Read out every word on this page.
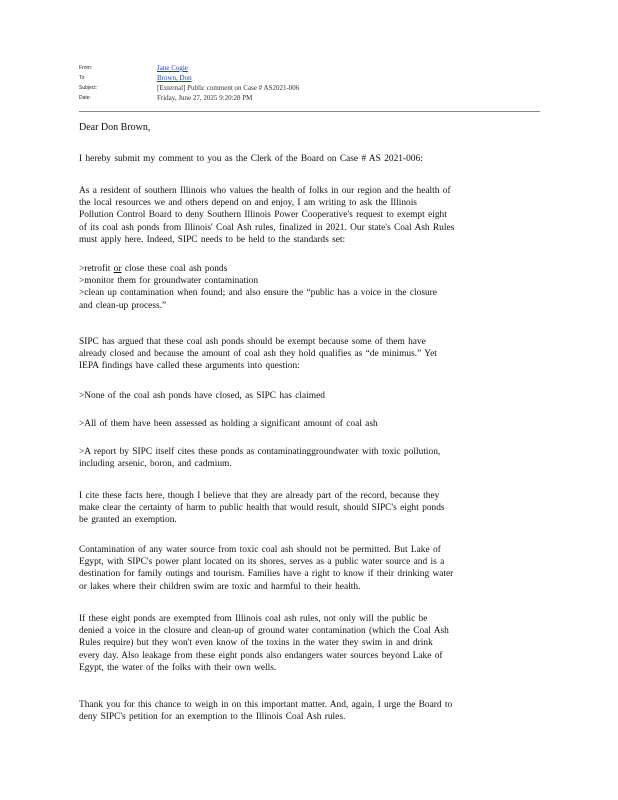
From:	Jane Cogie
To:	Brown, Don
Subject:	[External] Public comment on Case # AS2021-006
Date:	Friday, June 27, 2025 9:20:28 PM
Dear Don Brown,
I hereby submit my comment to you as the Clerk of the Board on Case # AS 2021-006:
As a resident of southern Illinois who values the health of folks in our region and the health of
the local resources we and others depend on and enjoy, I am writing to ask the Illinois
Pollution Control Board to deny Southern Illinois Power Cooperative's request to exempt eight
of its coal ash ponds from Illinois' Coal Ash rules, finalized in 2021. Our state's Coal Ash Rules
must apply here. Indeed, SIPC needs to be held to the standards set:
>retrofit or close these coal ash ponds
>monitor them for groundwater contamination
>clean up contamination when found; and also ensure the “public has a voice in the closure
and clean-up process.”
SIPC has argued that these coal ash ponds should be exempt because some of them have
already closed and because the amount of coal ash they hold qualifies as “de minimus.” Yet
IEPA findings have called these arguments into question:
>None of the coal ash ponds have closed, as SIPC has claimed
>All of them have been assessed as holding a significant amount of coal ash
>A report by SIPC itself cites these ponds as contaminatinggroundwater with toxic pollution,
including arsenic, boron, and cadmium.
I cite these facts here, though I believe that they are already part of the record, because they
make clear the certainty of harm to public health that would result, should SIPC's eight ponds
be granted an exemption.
Contamination of any water source from toxic coal ash should not be permitted. But Lake of
Egypt, with SIPC's power plant located on its shores, serves as a public water source and is a
destination for family outings and tourism. Families have a right to know if their drinking water
or lakes where their children swim are toxic and harmful to their health.
If these eight ponds are exempted from Illinois coal ash rules, not only will the public be
denied a voice in the closure and clean-up of ground water contamination (which the Coal Ash
Rules require) but they won't even know of the toxins in the water they swim in and drink
every day. Also leakage from these eight ponds also endangers water sources beyond Lake of
Egypt, the water of the folks with their own wells.
Thank you for this chance to weigh in on this important matter. And, again, I urge the Board to
deny SIPC's petition for an exemption to the Illinois Coal Ash rules.
